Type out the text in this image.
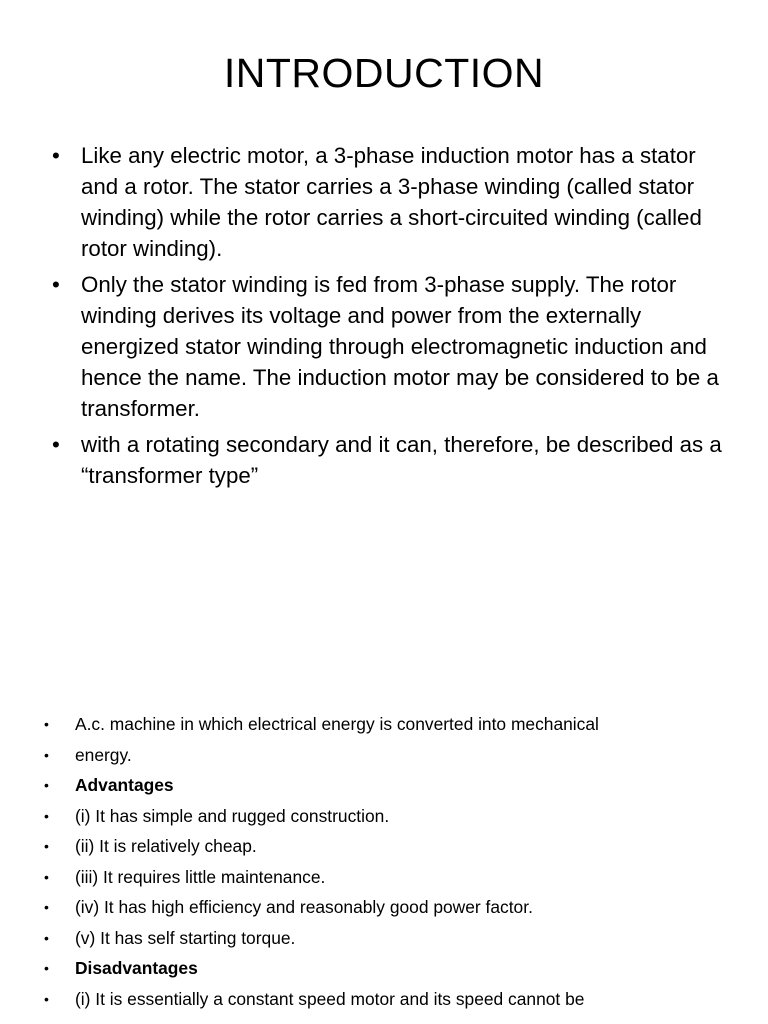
INTRODUCTION
• Like any electric motor, a 3-phase induction motor has a stator and a rotor. The stator carries a 3-phase winding (called stator winding) while the rotor carries a short-circuited winding (called rotor winding).
• Only the stator winding is fed from 3-phase supply. The rotor winding derives its voltage and power from the externally energized stator winding through electromagnetic induction and hence the name. The induction motor may be considered to be a transformer.
• with a rotating secondary and it can, therefore, be described as a “transformer type”
• A.c. machine in which electrical energy is converted into mechanical
• energy.
• Advantages
• (i) It has simple and rugged construction.
• (ii) It is relatively cheap.
• (iii) It requires little maintenance.
• (iv) It has high efficiency and reasonably good power factor.
• (v) It has self starting torque.
• Disadvantages
• (i) It is essentially a constant speed motor and its speed cannot be
